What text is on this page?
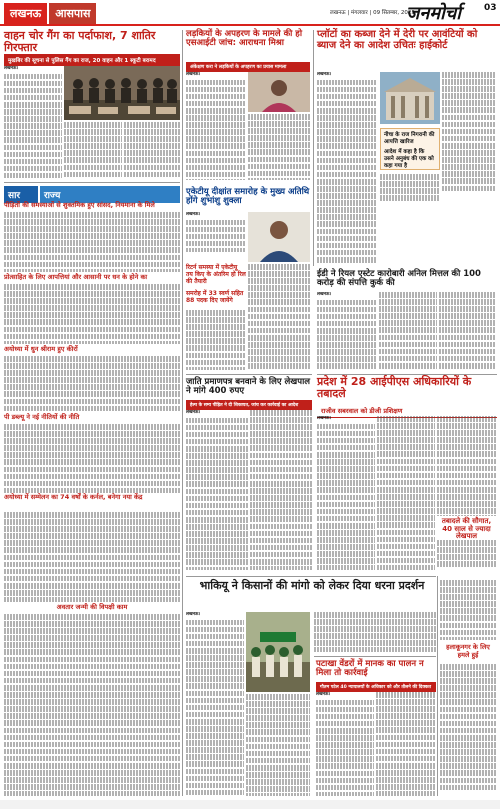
लखनऊ	आसपास	लखनऊ | मंगलवार | 09 सितम्बर, 2025
जनमोर्चा	03
वाहन चोर गैंग का पर्दाफाश, 7 शातिर गिरफ्तार
मुखबिर की सूचना से पुलिस गैंग का राज, 20 वाहन और 1 स्कूटी बरामद

लखनऊ।

लड़कियों के अपहरण के मामले की हो एसआईटी जांच: आराधना मिश्रा
अंकेक्षण करा ने लड़कियों के अपहरण का प्रयास मामला

लखनऊ।

प्लॉटों का कब्जा देने में देरी पर आवंटियों को ब्याज देने का आदेश उचितः हाईकोर्ट

लखनऊ।

नीचा के राज निगरानी की आपत्ति खारिज
आदेश में कहा है कि उसने अनुबंध की एक को कहा गया है
सार	राज्य
पीड़ितों की समस्याओं से शुक्तमिक हुए सांसद, नियमाना के मिले
प्रोत्साहित के लिए आपत्तियां और आसानी पर धन के होने का
अयोध्या में धुन श्रीराम हुए कीरों
पी डब्ल्यू ने नई नीतियों की नीति
अयोध्या में सम्मेलन का 74 वर्षों के कर्नल, बनेगा नया केंद्र
अवतार जन्मी की विपक्षी काम
एकेटीयू दीक्षांत समारोह के मुख्य अतिथि होंगे शुभांशु शुक्ला

लखनऊ।

रिटर्न समस्या में एकेटीयू तय किए के अंतरिम हो रिल की तैयारी
समरोह में 33 स्वर्ण सहित 88 पदक दिए जायेंगे
ईडी ने रियल एस्टेट कारोबारी अनिल मित्तल की 100 करोड़ की संपत्ति कुर्क की

लखनऊ।

जाति प्रमाणपत्र बनवाने के लिए लेखपाल ने मांगे 400 रुपए
हेल्प के सम्य पीड़ित ने दी शिकायत, जांच कर कार्रवाई का आदेश

लखनऊ।

प्रदेश में 28 आईपीएस अधिकारियों के तबादले
राजीव सबरवाल को डीजी प्रशिक्षण

लखनऊ।

तबादले की सौगात, 40 साल से ज्यादा लेखपाल
भाकियू ने किसानों की मांगो को लेकर दिया धरना प्रदर्शन

लखनऊ।

पटाखा वेंडरों में मानक का पालन न मिला तो कार्रवाई
गौतम पटेल 40 न्यायालयों के अधिकार को और तौलने की दिक्कत

लखनऊ।

हलाकूनगर के लिए हमले हुई
